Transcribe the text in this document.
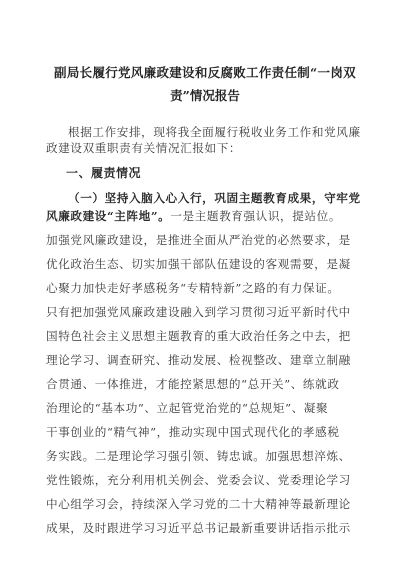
副局长履行党风廉政建设和反腐败工作责任制“一岗双
责”情况报告
根据工作安排，现将我全面履行税收业务工作和党风廉
政建设双重职责有关情况汇报如下：
一、履责情况
（一）坚持入脑入心入行，巩固主题教育成果，守牢党
风廉政建设“主阵地”。一是主题教育强认识，提站位。
加强党风廉政建设，是推进全面从严治党的必然要求，是
优化政治生态、切实加强干部队伍建设的客观需要，是凝
心聚力加快走好孝感税务“专精特新”之路的有力保证。
只有把加强党风廉政建设融入到学习贯彻习近平新时代中
国特色社会主义思想主题教育的重大政治任务之中去，把
理论学习、调查研究、推动发展、检视整改、建章立制融
合贯通、一体推进，才能控紧思想的“总开关”、练就政
治理论的“基本功”、立起管党治党的“总规矩”、凝聚
干事创业的“精气神”，推动实现中国式现代化的孝感税
务实践。二是理论学习强引领、铸忠诚。加强思想淬炼、
党性锻炼，充分利用机关例会、党委会议、党委理论学习
中心组学习会，持续深入学习党的二十大精神等最新理论
成果，及时跟进学习习近平总书记最新重要讲话指示批示
